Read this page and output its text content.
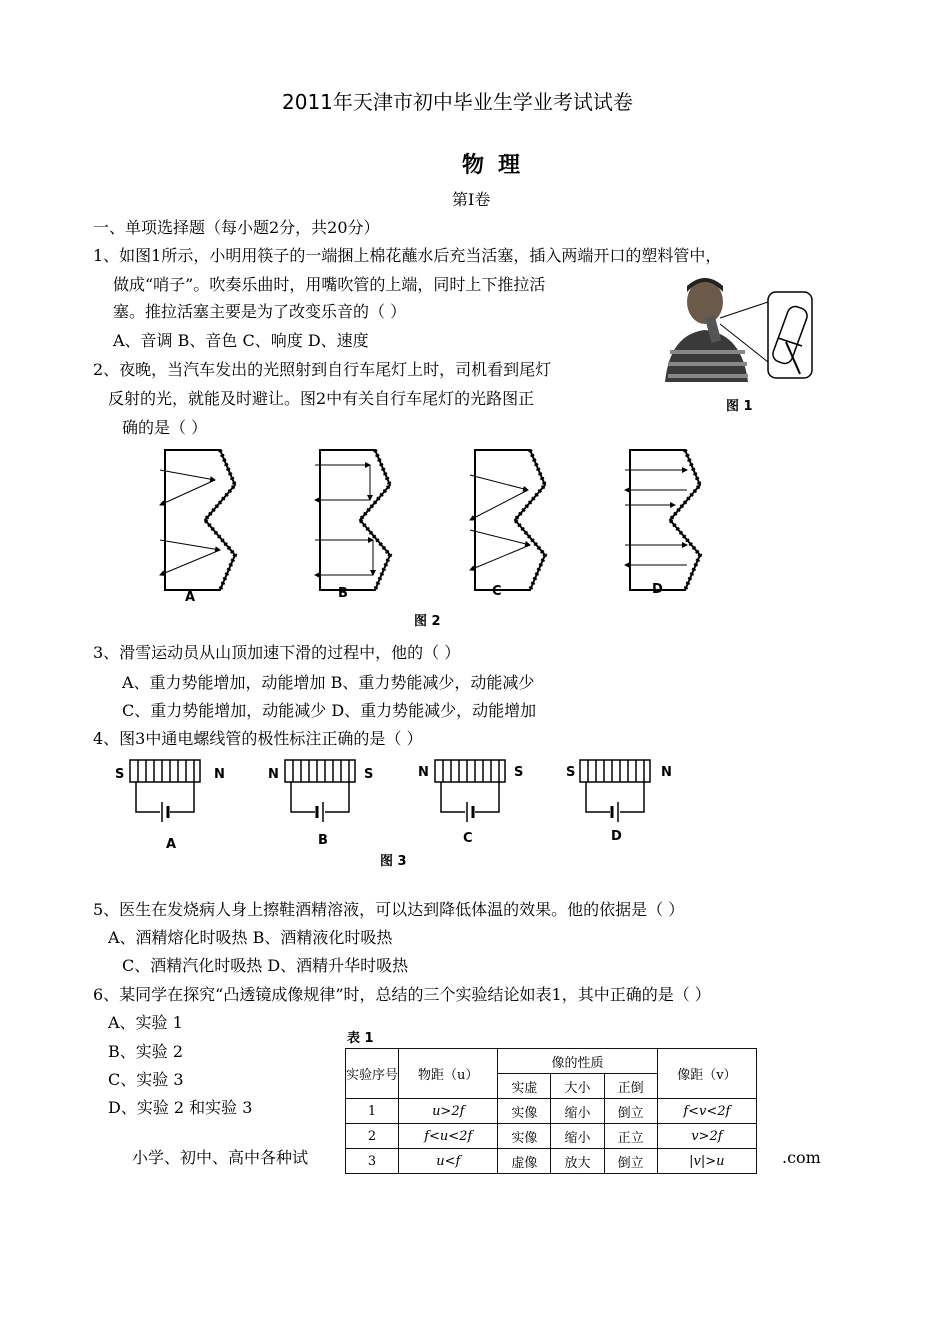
2011年天津市初中毕业生学业考试试卷
物理
第I卷
一、单项选择题（每小题2分，共20分）
1、如图1所示，小明用筷子的一端捆上棉花蘸水后充当活塞，插入两端开口的塑料管中，
做成“哨子”。吹奏乐曲时，用嘴吹管的上端，同时上下推拉活
塞。推拉活塞主要是为了改变乐音的（ ）
A、音调 B、音色 C、响度 D、速度
图 1
2、夜晚，当汽车发出的光照射到自行车尾灯上时，司机看到尾灯
反射的光，就能及时避让。图2中有关自行车尾灯的光路图正
确的是（ ）
A	B	C	D
图 2
3、滑雪运动员从山顶加速下滑的过程中，他的（ ）
A、重力势能增加，动能增加 B、重力势能减少，动能减少
C、重力势能增加，动能减少 D、重力势能减少，动能增加
4、图3中通电螺线管的极性标注正确的是（ ）
S	N	N	S	N	S	S	N
A	B	C	D
图 3
5、医生在发烧病人身上擦鞋酒精溶液，可以达到降低体温的效果。他的依据是（ ）
A、酒精熔化时吸热 B、酒精液化时吸热
C、酒精汽化时吸热 D、酒精升华时吸热
6、某同学在探究“凸透镜成像规律”时，总结的三个实验结论如表1，其中正确的是（ ）
A、实验 1
B、实验 2
C、实验 3
D、实验 2 和实验 3
小学、初中、高中各种试	.com
表 1
实验序号	物距（u）	像的性质			像距（v）
		实虚	大小	正倒	
1	u>2f	实像	缩小	倒立	f<v<2f
2	f<u<2f	实像	缩小	正立	v>2f
3	u<f	虚像	放大	倒立	|v|>u
